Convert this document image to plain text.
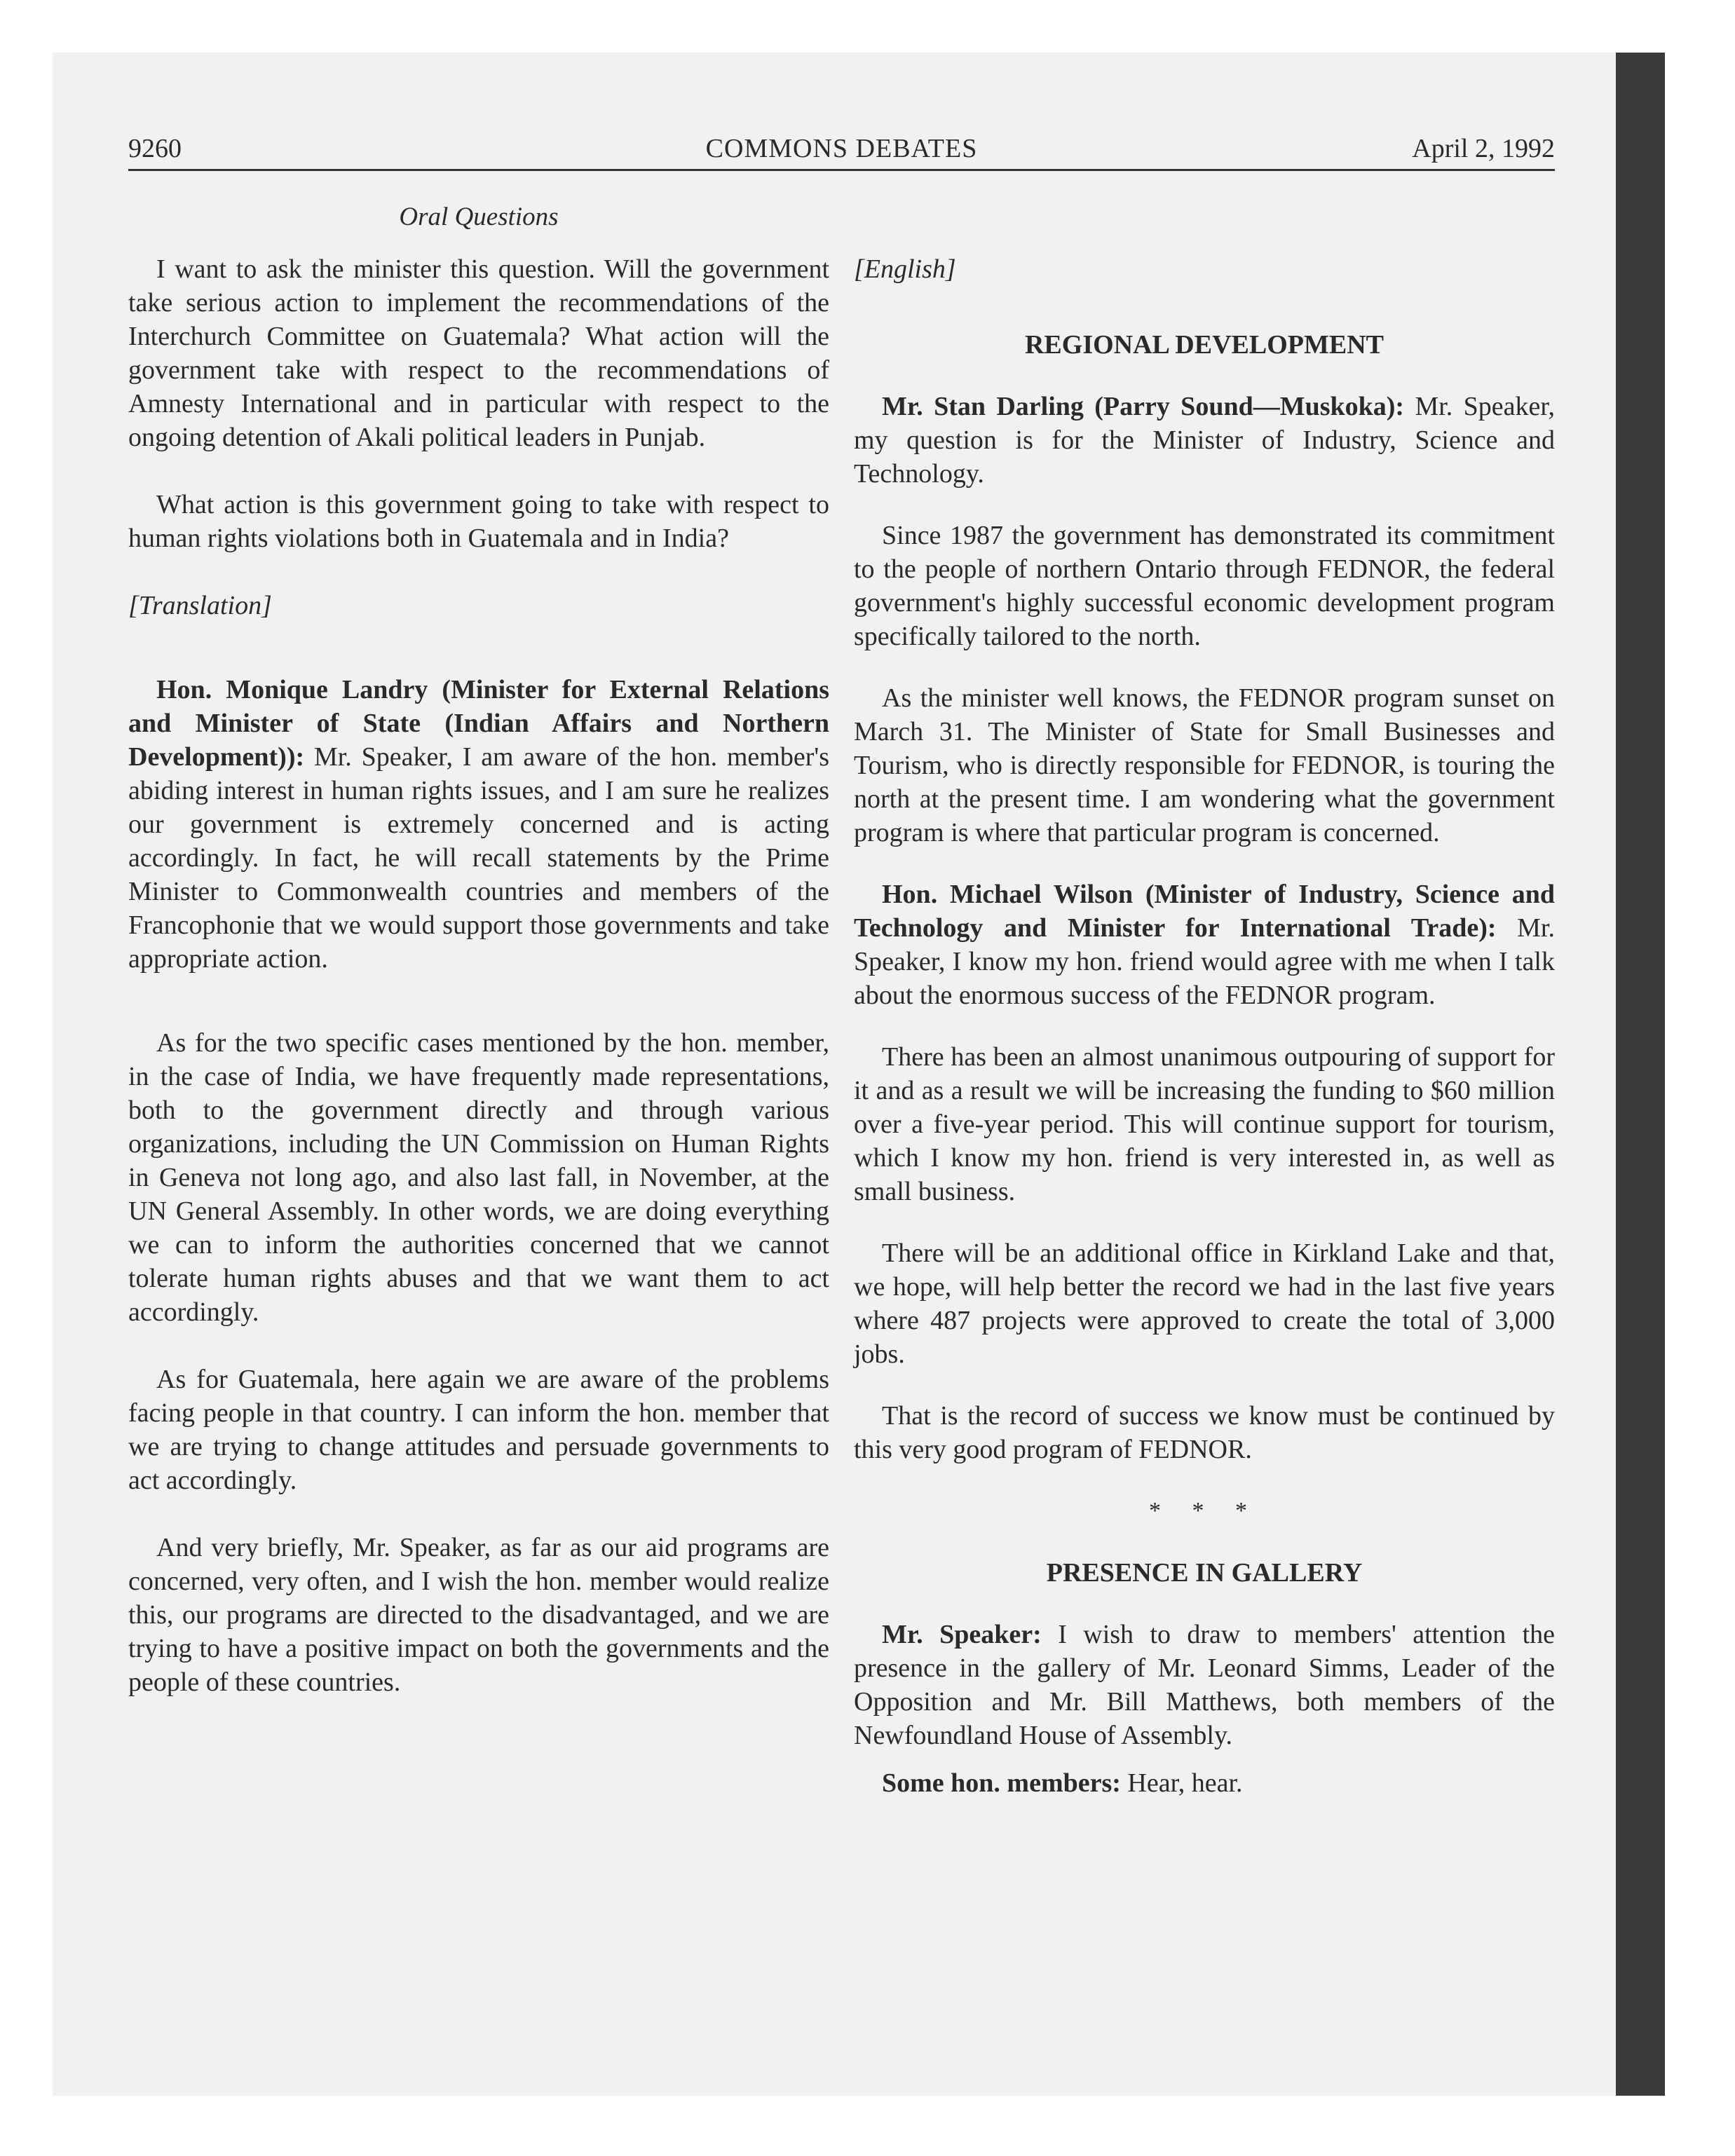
9260	COMMONS DEBATES	April 2, 1992
Oral Questions

I want to ask the minister this question. Will the government take serious action to implement the recommendations of the Interchurch Committee on Guatemala? What action will the government take with respect to the recommendations of Amnesty International and in particular with respect to the ongoing detention of Akali political leaders in Punjab.

What action is this government going to take with respect to human rights violations both in Guatemala and in India?

[Translation]

Hon. Monique Landry (Minister for External Relations and Minister of State (Indian Affairs and Northern Development)): Mr. Speaker, I am aware of the hon. member's abiding interest in human rights issues, and I am sure he realizes our government is extremely concerned and is acting accordingly. In fact, he will recall statements by the Prime Minister to Commonwealth countries and members of the Francophonie that we would support those governments and take appropriate action.

As for the two specific cases mentioned by the hon. member, in the case of India, we have frequently made representations, both to the government directly and through various organizations, including the UN Commission on Human Rights in Geneva not long ago, and also last fall, in November, at the UN General Assembly. In other words, we are doing everything we can to inform the authorities concerned that we cannot tolerate human rights abuses and that we want them to act accordingly.

As for Guatemala, here again we are aware of the problems facing people in that country. I can inform the hon. member that we are trying to change attitudes and persuade governments to act accordingly.

And very briefly, Mr. Speaker, as far as our aid programs are concerned, very often, and I wish the hon. member would realize this, our programs are directed to the disadvantaged, and we are trying to have a positive impact on both the governments and the people of these countries.

[English]

REGIONAL DEVELOPMENT

Mr. Stan Darling (Parry Sound—Muskoka): Mr. Speaker, my question is for the Minister of Industry, Science and Technology.

Since 1987 the government has demonstrated its commitment to the people of northern Ontario through FEDNOR, the federal government's highly successful economic development program specifically tailored to the north.

As the minister well knows, the FEDNOR program sunset on March 31. The Minister of State for Small Businesses and Tourism, who is directly responsible for FEDNOR, is touring the north at the present time. I am wondering what the government program is where that particular program is concerned.

Hon. Michael Wilson (Minister of Industry, Science and Technology and Minister for International Trade): Mr. Speaker, I know my hon. friend would agree with me when I talk about the enormous success of the FEDNOR program.

There has been an almost unanimous outpouring of support for it and as a result we will be increasing the funding to $60 million over a five-year period. This will continue support for tourism, which I know my hon. friend is very interested in, as well as small business.

There will be an additional office in Kirkland Lake and that, we hope, will help better the record we had in the last five years where 487 projects were approved to create the total of 3,000 jobs.

That is the record of success we know must be continued by this very good program of FEDNOR.

* * *
PRESENCE IN GALLERY

Mr. Speaker: I wish to draw to members' attention the presence in the gallery of Mr. Leonard Simms, Leader of the Opposition and Mr. Bill Matthews, both members of the Newfoundland House of Assembly.

Some hon. members: Hear, hear.
